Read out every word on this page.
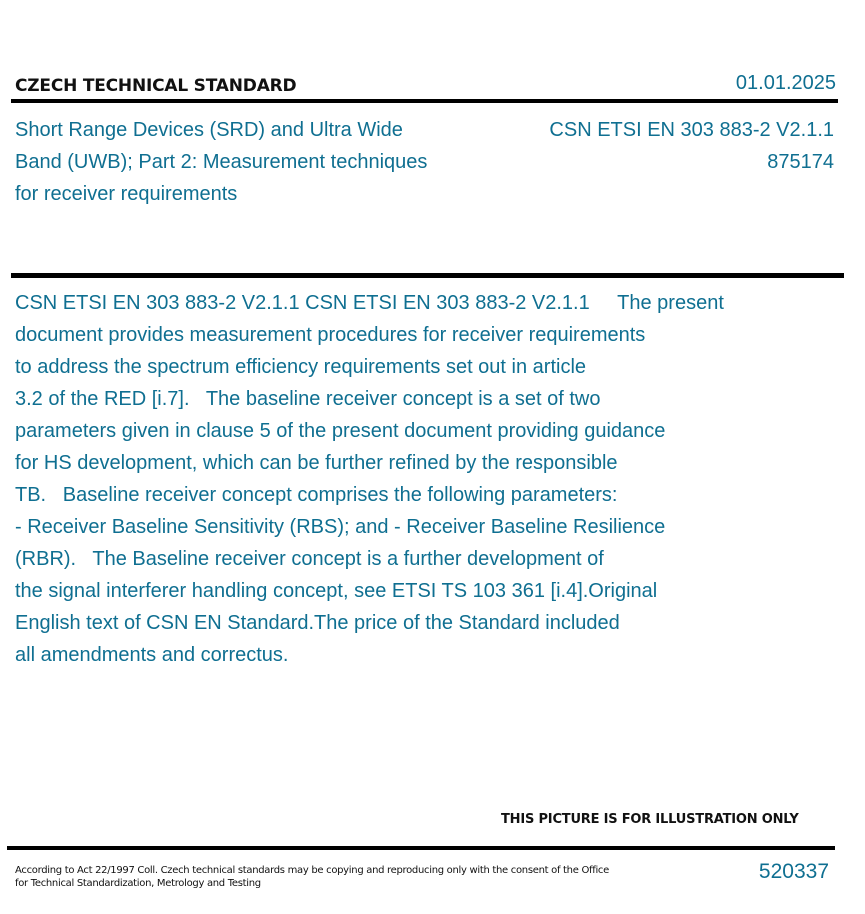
CZECH TECHNICAL STANDARD	01.01.2025
Short Range Devices (SRD) and Ultra Wide
Band (UWB); Part 2: Measurement techniques
for receiver requirements
CSN ETSI EN 303 883-2 V2.1.1
875174
CSN ETSI EN 303 883-2 V2.1.1 CSN ETSI EN 303 883-2 V2.1.1     The present
document provides measurement procedures for receiver requirements
to address the spectrum efficiency requirements set out in article
3.2 of the RED [i.7].   The baseline receiver concept is a set of two
parameters given in clause 5 of the present document providing guidance
for HS development, which can be further refined by the responsible
TB.   Baseline receiver concept comprises the following parameters:
- Receiver Baseline Sensitivity (RBS); and - Receiver Baseline Resilience
(RBR).   The Baseline receiver concept is a further development of
the signal interferer handling concept, see ETSI TS 103 361 [i.4].Original
English text of CSN EN Standard.The price of the Standard included
all amendments and correctus.
THIS PICTURE IS FOR ILLUSTRATION ONLY
According to Act 22/1997 Coll. Czech technical standards may be copying and reproducing only with the consent of the Office
for Technical Standardization, Metrology and Testing
520337
